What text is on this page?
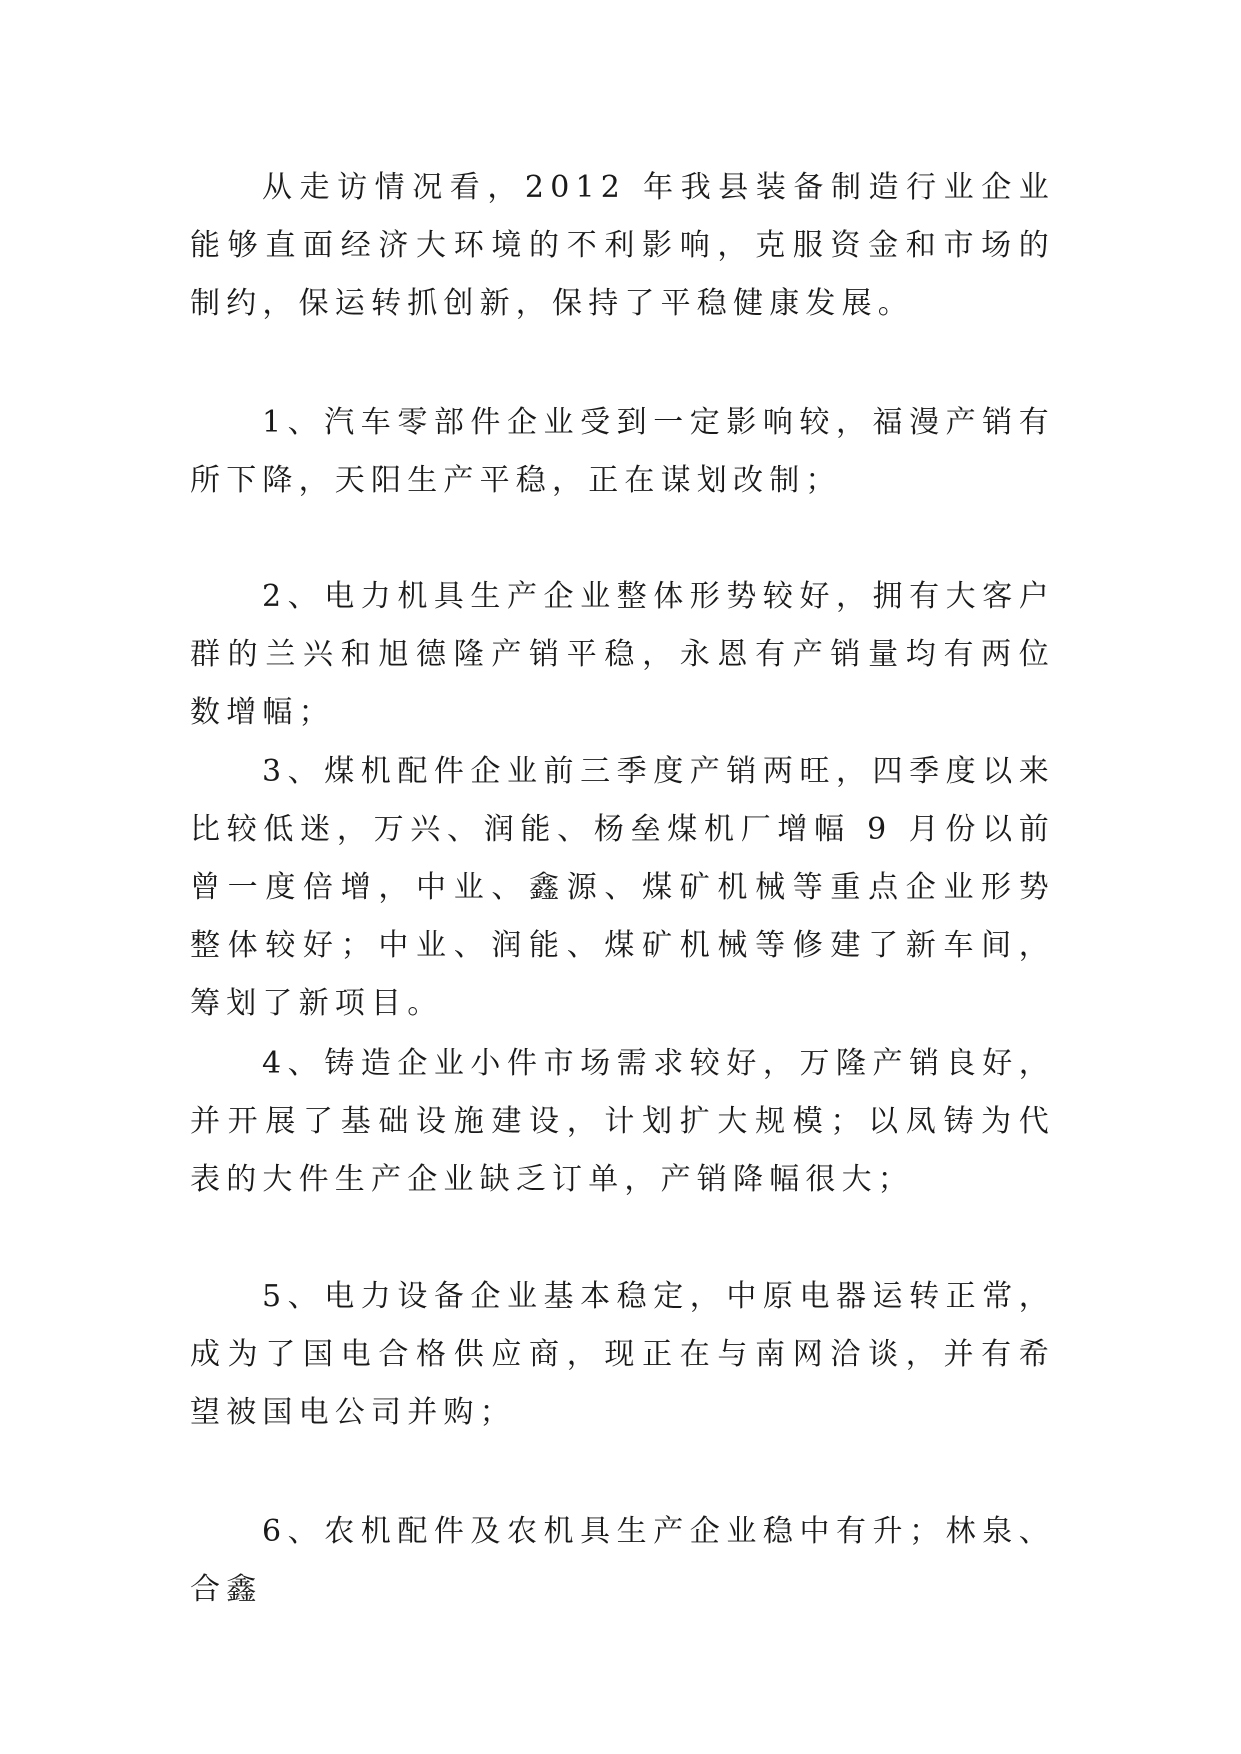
从走访情况看，2012 年我县装备制造行业企业能够直面经济大环境的不利影响，克服资金和市场的制约，保运转抓创新，保持了平稳健康发展。

1、汽车零部件企业受到一定影响较，福漫产销有所下降，天阳生产平稳，正在谋划改制；

2、电力机具生产企业整体形势较好，拥有大客户群的兰兴和旭德隆产销平稳，永恩有产销量均有两位数增幅；

3、煤机配件企业前三季度产销两旺，四季度以来比较低迷，万兴、润能、杨垒煤机厂增幅 9 月份以前曾一度倍增，中业、鑫源、煤矿机械等重点企业形势整体较好；中业、润能、煤矿机械等修建了新车间，筹划了新项目。

4、铸造企业小件市场需求较好，万隆产销良好，并开展了基础设施建设，计划扩大规模；以凤铸为代表的大件生产企业缺乏订单，产销降幅很大；

5、电力设备企业基本稳定，中原电器运转正常，成为了国电合格供应商，现正在与南网洽谈，并有希望被国电公司并购；

6、农机配件及农机具生产企业稳中有升；林泉、合鑫
